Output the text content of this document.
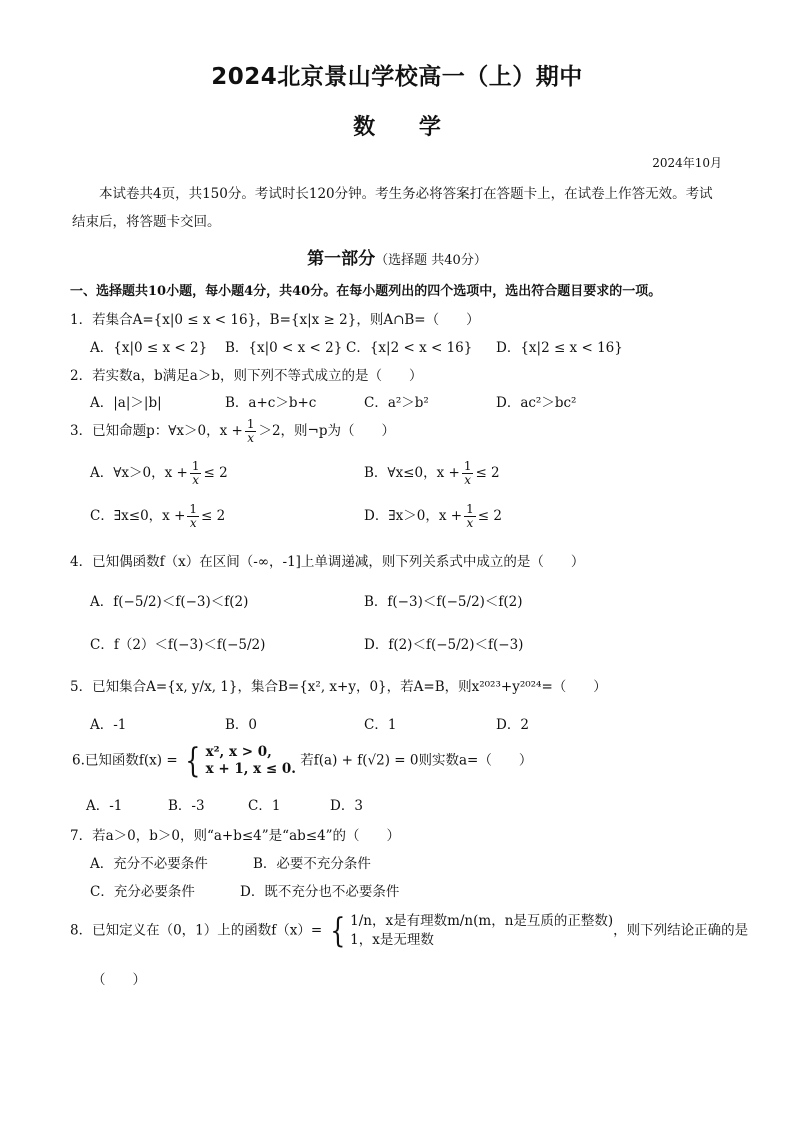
2024北京景山学校高一（上）期中
数 学
2024年10月
本试卷共4页，共150分。考试时长120分钟。考生务必将答案打在答题卡上，在试卷上作答无效。考试结束后，将答题卡交回。
第一部分（选择题 共40分）
一、选择题共10小题，每小题4分，共40分。在每小题列出的四个选项中，选出符合题目要求的一项。
1．若集合A={x|0 ≤ x < 16}，B={x|x ≥ 2}，则A∩B=（　　）
A．{x|0 ≤ x < 2} B．{x|0 < x < 2} C．{x|2 < x < 16} D．{x|2 ≤ x < 16}
2．若实数a，b满足a＞b，则下列不等式成立的是（　　）
A．|a|＞|b|	B．a+c＞b+c	C．a²＞b²	D．ac²＞bc²
3．已知命题p：∀x＞0，$x + \frac{1}{x} >2$，则¬p为（　　）
A．∀x＞0，$x + \frac{1}{x} \le 2$	B．∀x≤0，$x + \frac{1}{x} \le 2$
C．∃x≤0，$x + \frac{1}{x} \le 2$	D．∃x＞0，$x + \frac{1}{x} \le 2$
4．已知偶函数f（x）在区间（-∞，-1]上单调递减，则下列关系式中成立的是（　　）
A．f(−5/2)＜f(−3)＜f(2)	B．f(−3)＜f(−5/2)＜f(2)
C．f（2）＜f(−3)＜f(−5/2)	D．f(2)＜f(−5/2)＜f(−3)
5．已知集合A={x, y/x, 1}，集合B={x², x+y，0}，若A=B，则x²⁰²³+y²⁰²⁴=（　　）
A．-1	B．0	C．1	D．2
6.已知函数f(x) = { x², x > 0,
x + 1, x ≤ 0.
若f(a) + f(√2) = 0则实数a=（　　）
A．-1	B．-3	C．1	D．3
7．若a＞0，b＞0，则“a+b≤4”是“ab≤4”的（　　）
A．充分不必要条件	B．必要不充分条件
C．充分必要条件	D．既不充分也不必要条件
8．已知定义在（0，1）上的函数f（x）= { 1/n，x是有理数m/n(m，n是互质的正整数)
1，x是无理数
，则下列结论正确的是
（　　）
